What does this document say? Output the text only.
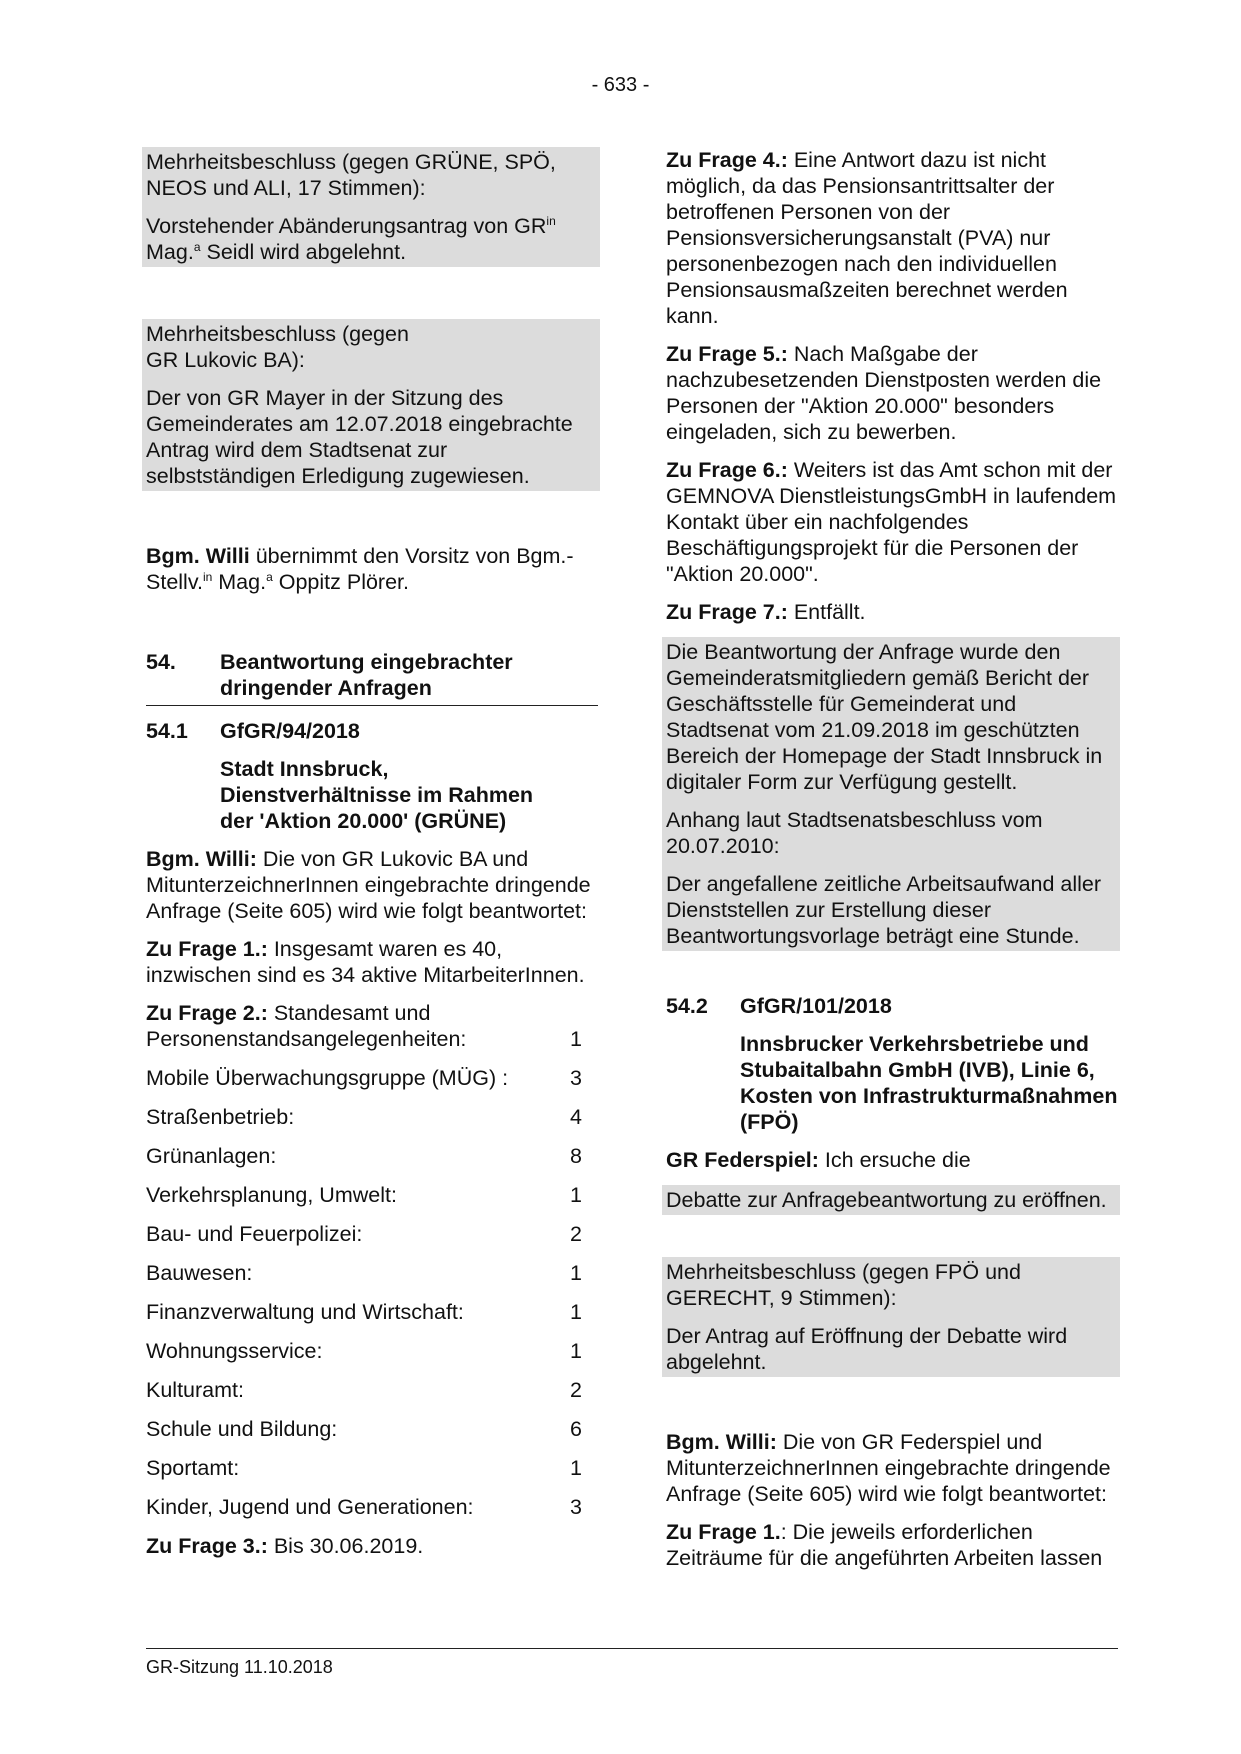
- 633 -

Mehrheitsbeschluss (gegen GRÜNE, SPÖ, NEOS und ALI, 17 Stimmen):

Vorstehender Abänderungsantrag von $GR^{in}$ Mag.$^a$ Seidl wird abgelehnt.

Mehrheitsbeschluss (gegen GR Lukovic BA):

Der von GR Mayer in der Sitzung des Gemeinderates am 12.07.2018 eingebrachte Antrag wird dem Stadtsenat zur selbstständigen Erledigung zugewiesen.

Bgm. Willi übernimmt den Vorsitz von Bgm.-Stellv.$^{in}$ Mag.$^a$ Oppitz Plörer.

54.	Beantwortung eingebrachter dringender Anfragen
54.1	GfGR/94/2018
Stadt Innsbruck, Dienstverhältnisse im Rahmen der 'Aktion 20.000' (GRÜNE)

Bgm. Willi: Die von GR Lukovic BA und MitunterzeichnerInnen eingebrachte dringende Anfrage (Seite 605) wird wie folgt beantwortet:

Zu Frage 1.: Insgesamt waren es 40, inzwischen sind es 34 aktive MitarbeiterInnen.

Zu Frage 2.: Standesamt und

Personenstandsangelegenheiten:	1
Mobile Überwachungsgruppe (MÜG) :	3
Straßenbetrieb:	4
Grünanlagen:	8
Verkehrsplanung, Umwelt:	1
Bau- und Feuerpolizei:	2
Bauwesen:	1
Finanzverwaltung und Wirtschaft:	1
Wohnungsservice:	1
Kulturamt:	2
Schule und Bildung:	6
Sportamt:	1
Kinder, Jugend und Generationen:	3

Zu Frage 3.: Bis 30.06.2019.

Zu Frage 4.: Eine Antwort dazu ist nicht möglich, da das Pensionsantrittsalter der betroffenen Personen von der Pensionsversicherungsanstalt (PVA) nur personenbezogen nach den individuellen Pensionsausmaßzeiten berechnet werden kann.

Zu Frage 5.: Nach Maßgabe der nachzubesetzenden Dienstposten werden die Personen der "Aktion 20.000" besonders eingeladen, sich zu bewerben.

Zu Frage 6.: Weiters ist das Amt schon mit der GEMNOVA DienstleistungsGmbH in laufendem Kontakt über ein nachfolgendes Beschäftigungsprojekt für die Personen der "Aktion 20.000".

Zu Frage 7.: Entfällt.

Die Beantwortung der Anfrage wurde den Gemeinderatsmitgliedern gemäß Bericht der Geschäftsstelle für Gemeinderat und Stadtsenat vom 21.09.2018 im geschützten Bereich der Homepage der Stadt Innsbruck in digitaler Form zur Verfügung gestellt.

Anhang laut Stadtsenatsbeschluss vom 20.07.2010:

Der angefallene zeitliche Arbeitsaufwand aller Dienststellen zur Erstellung dieser Beantwortungsvorlage beträgt eine Stunde.

54.2	GfGR/101/2018
Innsbrucker Verkehrsbetriebe und Stubaitalbahn GmbH (IVB), Linie 6, Kosten von Infrastrukturmaßnahmen (FPÖ)

GR Federspiel: Ich ersuche die

Debatte zur Anfragebeantwortung zu eröffnen.

Mehrheitsbeschluss (gegen FPÖ und GERECHT, 9 Stimmen):

Der Antrag auf Eröffnung der Debatte wird abgelehnt.

Bgm. Willi: Die von GR Federspiel und MitunterzeichnerInnen eingebrachte dringende Anfrage (Seite 605) wird wie folgt beantwortet:

Zu Frage 1.: Die jeweils erforderlichen Zeiträume für die angeführten Arbeiten lassen

GR-Sitzung 11.10.2018
